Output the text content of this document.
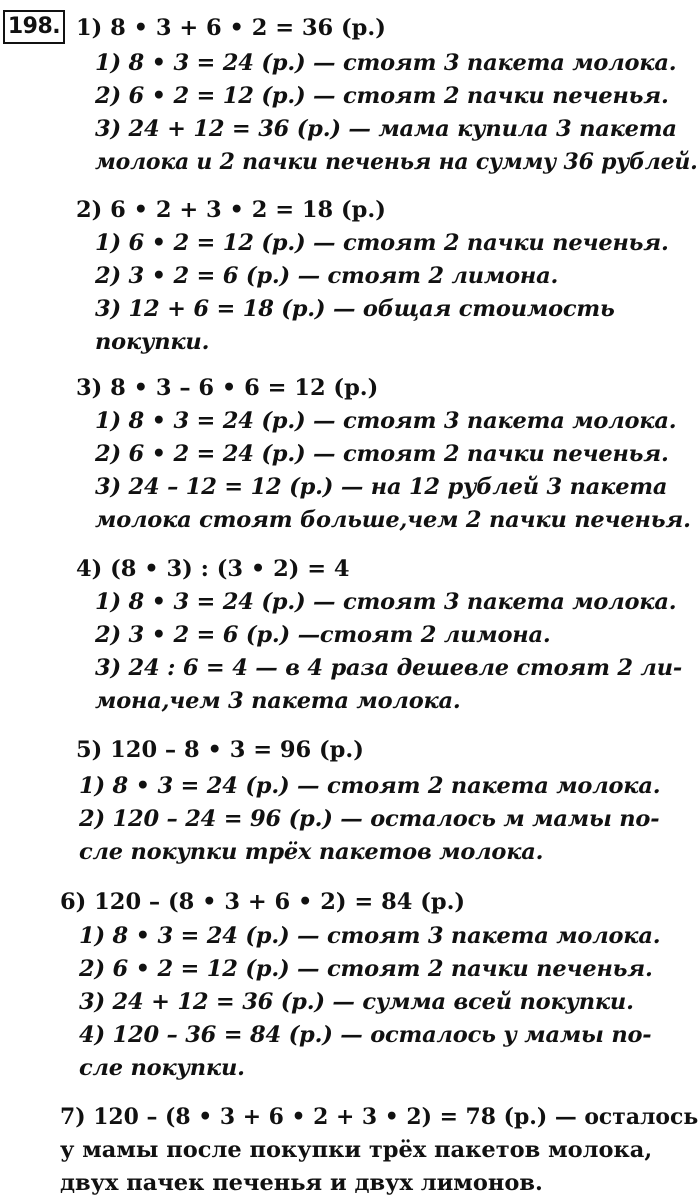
198. 1) 8 • 3 + 6 • 2 = 36 (р.)
1) 8 • 3 = 24 (р.) — стоят 3 пакета молока.
2) 6 • 2 = 12 (р.) — стоят 2 пачки печенья.
3) 24 + 12 = 36 (р.) — мама купила 3 пакета
молока и 2 пачки печенья на сумму 36 рублей.
2) 6 • 2 + 3 • 2 = 18 (р.)
1) 6 • 2 = 12 (р.) — стоят 2 пачки печенья.
2) 3 • 2 = 6 (р.) — стоят 2 лимона.
3) 12 + 6 = 18 (р.) — общая стоимость
покупки.
3) 8 • 3 – 6 • 6 = 12 (р.)
1) 8 • 3 = 24 (р.) — стоят 3 пакета молока.
2) 6 • 2 = 24 (р.) — стоят 2 пачки печенья.
3) 24 – 12 = 12 (р.) — на 12 рублей 3 пакета
молока стоят больше,чем 2 пачки печенья.
4) (8 • 3) : (3 • 2) = 4
1) 8 • 3 = 24 (р.) — стоят 3 пакета молока.
2) 3 • 2 = 6 (р.) —стоят 2 лимона.
3) 24 : 6 = 4 — в 4 раза дешевле стоят 2 ли-
мона,чем 3 пакета молока.
5) 120 – 8 • 3 = 96 (р.)
1) 8 • 3 = 24 (р.) — стоят 2 пакета молока.
2) 120 – 24 = 96 (р.) — осталось м мамы по-
сле покупки трёх пакетов молока.
6) 120 – (8 • 3 + 6 • 2) = 84 (р.)
1) 8 • 3 = 24 (р.) — стоят 3 пакета молока.
2) 6 • 2 = 12 (р.) — стоят 2 пачки печенья.
3) 24 + 12 = 36 (р.) — сумма всей покупки.
4) 120 – 36 = 84 (р.) — осталось у мамы по-
сле покупки.
7) 120 – (8 • 3 + 6 • 2 + 3 • 2) = 78 (р.) — осталось
у мамы после покупки трёх пакетов молока,
двух пачек печенья и двух лимонов.
